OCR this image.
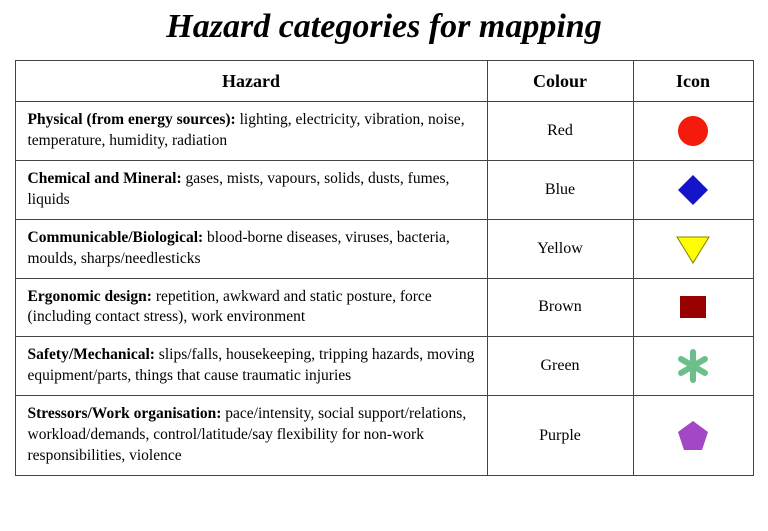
Hazard categories for mapping
Hazard	Colour	Icon
Physical (from energy sources): lighting, electricity, vibration, noise, temperature, humidity, radiation	Red	

Chemical and Mineral: gases, mists, vapours, solids, dusts, fumes, liquids	Blue	

Communicable/Biological: blood-borne diseases, viruses, bacteria, moulds, sharps/needlesticks	Yellow	

Ergonomic design: repetition, awkward and static posture, force (including contact stress), work environment	Brown	

Safety/Mechanical: slips/falls, housekeeping, tripping hazards, moving equipment/parts, things that cause traumatic injuries	Green	

Stressors/Work organisation: pace/intensity, social support/relations, workload/demands, control/latitude/say flexibility for non-work responsibilities, violence	Purple	
